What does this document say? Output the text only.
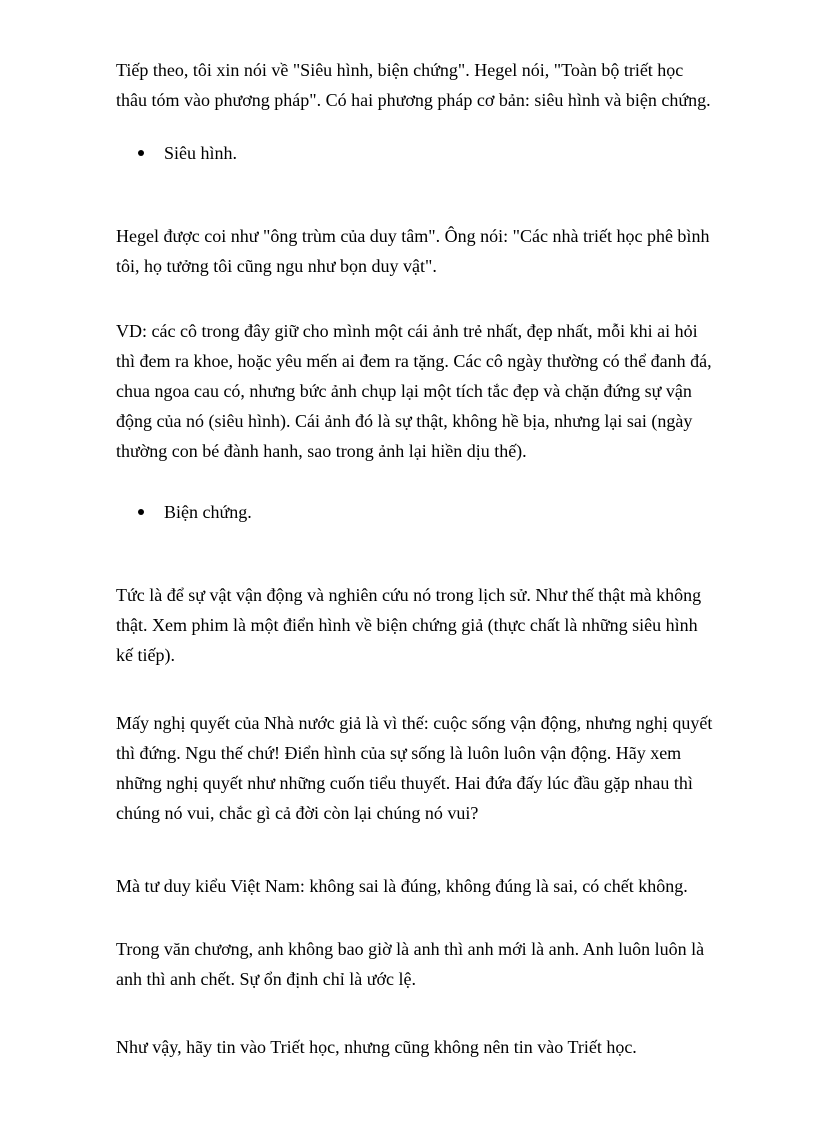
Tiếp theo, tôi xin nói về "Siêu hình, biện chứng". Hegel nói, "Toàn bộ triết học
thâu tóm vào phương pháp". Có hai phương pháp cơ bản: siêu hình và biện chứng.

Siêu hình.

Hegel được coi như "ông trùm của duy tâm". Ông nói: "Các nhà triết học phê bình
tôi, họ tưởng tôi cũng ngu như bọn duy vật".

VD: các cô trong đây giữ cho mình một cái ảnh trẻ nhất, đẹp nhất, mỗi khi ai hỏi
thì đem ra khoe, hoặc yêu mến ai đem ra tặng. Các cô ngày thường có thể đanh đá,
chua ngoa cau có, nhưng bức ảnh chụp lại một tích tắc đẹp và chặn đứng sự vận
động của nó (siêu hình). Cái ảnh đó là sự thật, không hề bịa, nhưng lại sai (ngày
thường con bé đành hanh, sao trong ảnh lại hiền dịu thế).

Biện chứng.

Tức là để sự vật vận động và nghiên cứu nó trong lịch sử. Như thế thật mà không
thật. Xem phim là một điển hình về biện chứng giả (thực chất là những siêu hình
kế tiếp).

Mấy nghị quyết của Nhà nước giả là vì thế: cuộc sống vận động, nhưng nghị quyết
thì đứng. Ngu thế chứ! Điển hình của sự sống là luôn luôn vận động. Hãy xem
những nghị quyết như những cuốn tiểu thuyết. Hai đứa đấy lúc đầu gặp nhau thì
chúng nó vui, chắc gì cả đời còn lại chúng nó vui?

Mà tư duy kiểu Việt Nam: không sai là đúng, không đúng là sai, có chết không.

Trong văn chương, anh không bao giờ là anh thì anh mới là anh. Anh luôn luôn là
anh thì anh chết. Sự ổn định chỉ là ước lệ.

Như vậy, hãy tin vào Triết học, nhưng cũng không nên tin vào Triết học.
